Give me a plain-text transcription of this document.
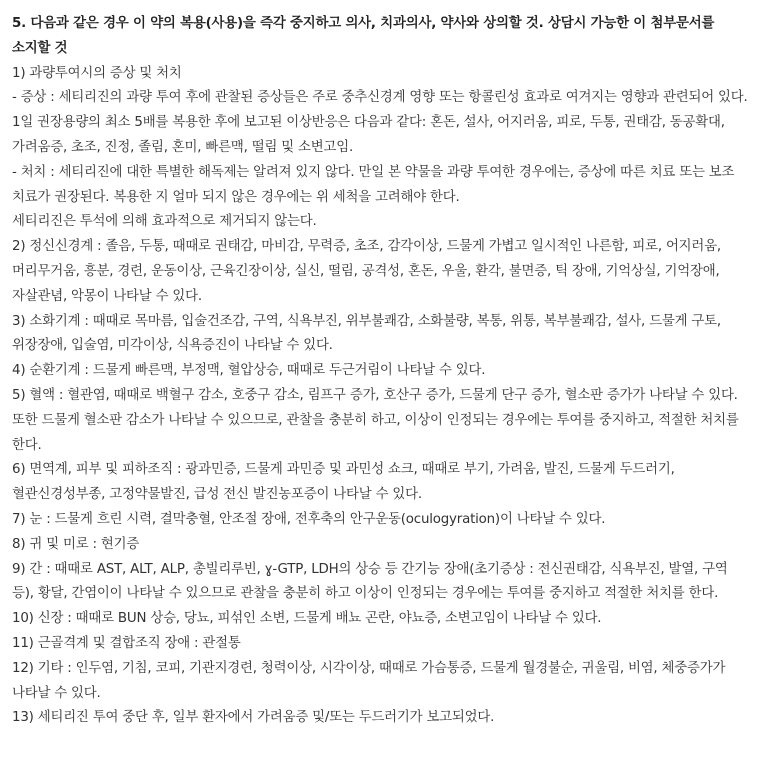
5. 다음과 같은 경우 이 약의 복용(사용)을 즉각 중지하고 의사, 치과의사, 약사와 상의할 것. 상담시 가능한 이 첨부문서를 소지할 것
1) 과량투여시의 증상 및 처치
- 증상 : 세티리진의 과량 투여 후에 관찰된 증상들은 주로 중추신경계 영향 또는 항콜린성 효과로 여겨지는 영향과 관련되어 있다. 1일 권장용량의 최소 5배를 복용한 후에 보고된 이상반응은 다음과 같다: 혼돈, 설사, 어지러움, 피로, 두통, 권태감, 동공확대, 가려움증, 초조, 진정, 졸림, 혼미, 빠른맥, 떨림 및 소변고임.
- 처치 : 세티리진에 대한 특별한 해독제는 알려져 있지 않다. 만일 본 약물을 과량 투여한 경우에는, 증상에 따른 치료 또는 보조 치료가 권장된다. 복용한 지 얼마 되지 않은 경우에는 위 세척을 고려해야 한다.
세티리진은 투석에 의해 효과적으로 제거되지 않는다.
2) 정신신경계 : 졸음, 두통, 때때로 권태감, 마비감, 무력증, 초조, 감각이상, 드물게 가볍고 일시적인 나른함, 피로, 어지러움, 머리무거움, 흥분, 경련, 운동이상, 근육긴장이상, 실신, 떨림, 공격성, 혼돈, 우울, 환각, 불면증, 틱 장애, 기억상실, 기억장애, 자살관념, 악몽이 나타날 수 있다.
3) 소화기계 : 때때로 목마름, 입술건조감, 구역, 식욕부진, 위부불쾌감, 소화불량, 복통, 위통, 복부불쾌감, 설사, 드물게 구토, 위장장애, 입술염, 미각이상, 식욕증진이 나타날 수 있다.
4) 순환기계 : 드물게 빠른맥, 부정맥, 혈압상승, 때때로 두근거림이 나타날 수 있다.
5) 혈액 : 혈관염, 때때로 백혈구 감소, 호중구 감소, 림프구 증가, 호산구 증가, 드물게 단구 증가, 혈소판 증가가 나타날 수 있다. 또한 드물게 혈소판 감소가 나타날 수 있으므로, 관찰을 충분히 하고, 이상이 인정되는 경우에는 투여를 중지하고, 적절한 처치를 한다.
6) 면역계, 피부 및 피하조직 : 광과민증, 드물게 과민증 및 과민성 쇼크, 때때로 부기, 가려움, 발진, 드물게 두드러기, 혈관신경성부종, 고정약물발진, 급성 전신 발진농포증이 나타날 수 있다.
7) 눈 : 드물게 흐린 시력, 결막충혈, 안조절 장애, 전후축의 안구운동(oculogyration)이 나타날 수 있다.
8) 귀 및 미로 : 현기증
9) 간 : 때때로 AST, ALT, ALP, 총빌리루빈, ɣ-GTP, LDH의 상승 등 간기능 장애(초기증상 : 전신권태감, 식욕부진, 발열, 구역 등), 황달, 간염이이 나타날 수 있으므로 관찰을 충분히 하고 이상이 인정되는 경우에는 투여를 중지하고 적절한 처치를 한다.
10) 신장 : 때때로 BUN 상승, 당뇨, 피섞인 소변, 드물게 배뇨 곤란, 야뇨증, 소변고임이 나타날 수 있다.
11) 근골격계 및 결합조직 장애 : 관절통
12) 기타 : 인두염, 기침, 코피, 기관지경련, 청력이상, 시각이상, 때때로 가슴통증, 드물게 월경불순, 귀울림, 비염, 체중증가가 나타날 수 있다.
13) 세티리진 투여 중단 후, 일부 환자에서 가려움증 및/또는 두드러기가 보고되었다.
